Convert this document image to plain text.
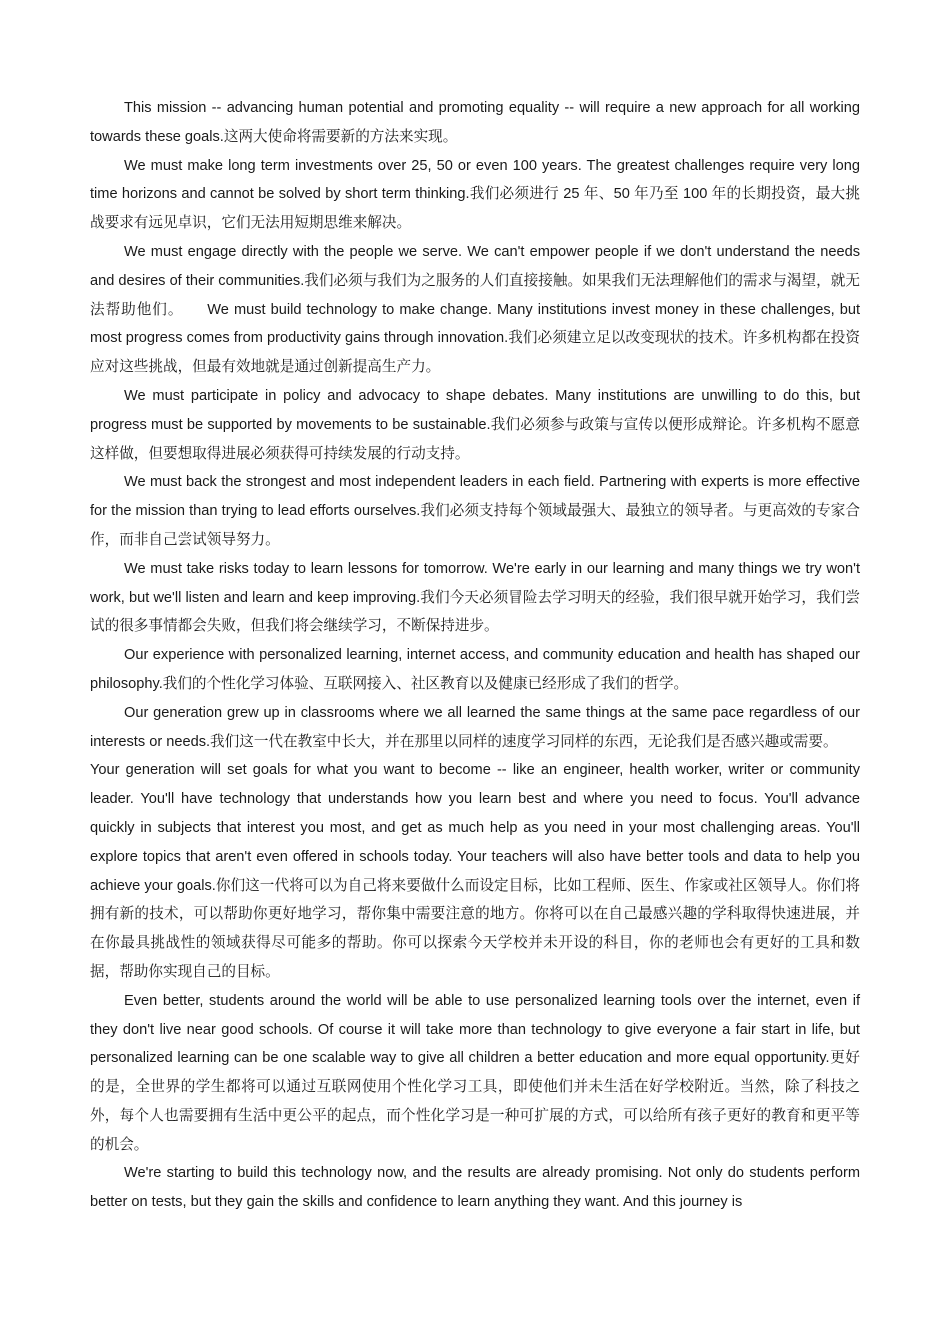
This mission -- advancing human potential and promoting equality -- will require a new approach for all working towards these goals.这两大使命将需要新的方法来实现。

We must make long term investments over 25, 50 or even 100 years. The greatest challenges require very long time horizons and cannot be solved by short term thinking.我们必须进行 25 年、50 年乃至 100 年的长期投资，最大挑战要求有远见卓识，它们无法用短期思维来解决。

We must engage directly with the people we serve. We can't empower people if we don't understand the needs and desires of their communities.我们必须与我们为之服务的人们直接接触。如果我们无法理解他们的需求与渴望，就无法帮助他们。　　We must build technology to make change. Many institutions invest money in these challenges, but most progress comes from productivity gains through innovation.我们必须建立足以改变现状的技术。许多机构都在投资应对这些挑战，但最有效地就是通过创新提高生产力。

We must participate in policy and advocacy to shape debates. Many institutions are unwilling to do this, but progress must be supported by movements to be sustainable.我们必须参与政策与宣传以便形成辩论。许多机构不愿意这样做，但要想取得进展必须获得可持续发展的行动支持。

We must back the strongest and most independent leaders in each field. Partnering with experts is more effective for the mission than trying to lead efforts ourselves.我们必须支持每个领域最强大、最独立的领导者。与更高效的专家合作，而非自己尝试领导努力。

We must take risks today to learn lessons for tomorrow. We're early in our learning and many things we try won't work, but we'll listen and learn and keep improving.我们今天必须冒险去学习明天的经验，我们很早就开始学习，我们尝试的很多事情都会失败，但我们将会继续学习，不断保持进步。

Our experience with personalized learning, internet access, and community education and health has shaped our philosophy.我们的个性化学习体验、互联网接入、社区教育以及健康已经形成了我们的哲学。

Our generation grew up in classrooms where we all learned the same things at the same pace regardless of our interests or needs.我们这一代在教室中长大，并在那里以同样的速度学习同样的东西，无论我们是否感兴趣或需要。

Your generation will set goals for what you want to become -- like an engineer, health worker, writer or community leader. You'll have technology that understands how you learn best and where you need to focus. You'll advance quickly in subjects that interest you most, and get as much help as you need in your most challenging areas. You'll explore topics that aren't even offered in schools today. Your teachers will also have better tools and data to help you achieve your goals.你们这一代将可以为自己将来要做什么而设定目标，比如工程师、医生、作家或社区领导人。你们将拥有新的技术，可以帮助你更好地学习，帮你集中需要注意的地方。你将可以在自己最感兴趣的学科取得快速进展，并在你最具挑战性的领域获得尽可能多的帮助。你可以探索今天学校并未开设的科目，你的老师也会有更好的工具和数据，帮助你实现自己的目标。

Even better, students around the world will be able to use personalized learning tools over the internet, even if they don't live near good schools. Of course it will take more than technology to give everyone a fair start in life, but personalized learning can be one scalable way to give all children a better education and more equal opportunity.更好的是，全世界的学生都将可以通过互联网使用个性化学习工具，即使他们并未生活在好学校附近。当然，除了科技之外，每个人也需要拥有生活中更公平的起点，而个性化学习是一种可扩展的方式，可以给所有孩子更好的教育和更平等的机会。

We're starting to build this technology now, and the results are already promising. Not only do students perform better on tests, but they gain the skills and confidence to learn anything they want. And this journey is
